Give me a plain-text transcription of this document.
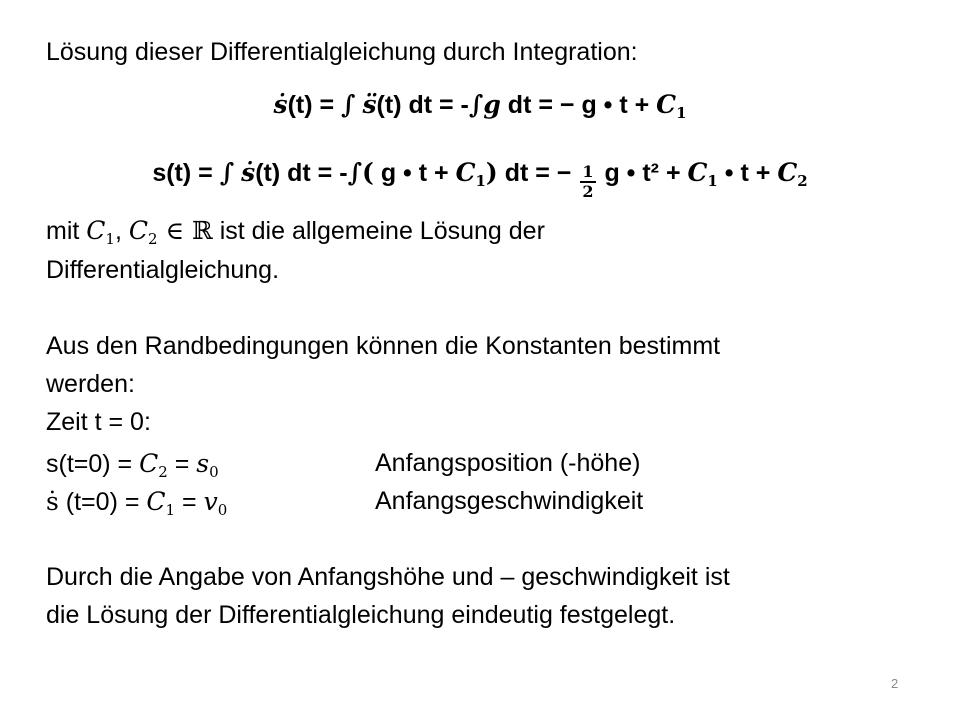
Lösung dieser Differentialgleichung durch Integration:
ṡ(t) = ∫ s̈(t) dt = -∫g dt = − g • $t + C_1$
s(t) = ∫ ṡ(t) dt = -∫( g • $t + C_1$) dt = − $\frac{1}{2}$ g • $t^2 + C_1$ • $t + C_2$
mit $C_1$, $C_2$ ∈ ℝ ist die allgemeine Lösung der
Differentialgleichung.
Aus den Randbedingungen können die Konstanten bestimmt
werden:
Zeit t = 0:
$s(t=0) = C_2 = s_0$	Anfangsposition (-höhe)
ṡ $(t=0) = C_1 = v_0$	Anfangsgeschwindigkeit
Durch die Angabe von Anfangshöhe und – geschwindigkeit ist
die Lösung der Differentialgleichung eindeutig festgelegt.
2
